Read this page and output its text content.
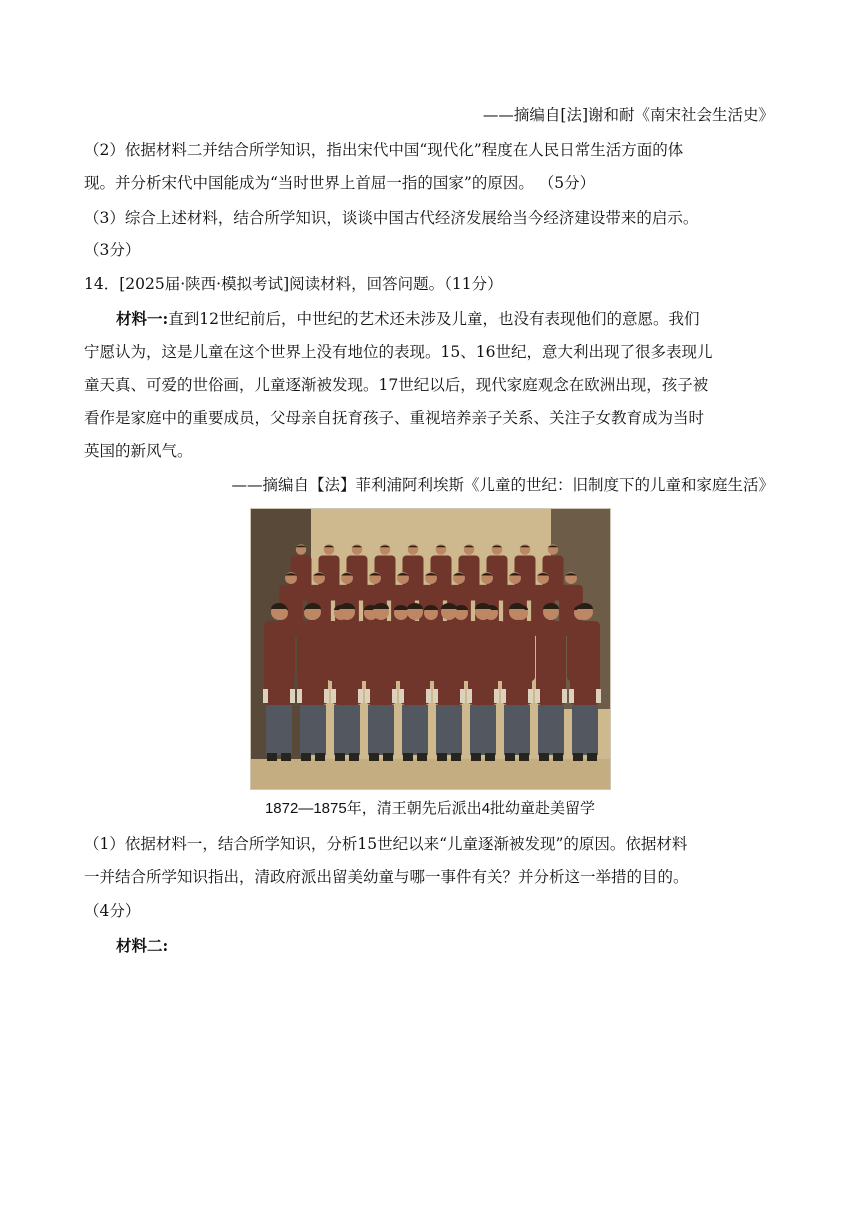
——摘编自[法]谢和耐《南宋社会生活史》
（2）依据材料二并结合所学知识，指出宋代中国“现代化”程度在人民日常生活方面的体
现。并分析宋代中国能成为“当时世界上首屈一指的国家”的原因。 （5分）
（3）综合上述材料，结合所学知识，谈谈中国古代经济发展给当今经济建设带来的启示。
（3分）
14．[2025届·陕西·模拟考试]阅读材料，回答问题。（11分）
材料一:直到12世纪前后，中世纪的艺术还未涉及儿童，也没有表现他们的意愿。我们
宁愿认为，这是儿童在这个世界上没有地位的表现。15、16世纪，意大利出现了很多表现儿
童天真、可爱的世俗画，儿童逐渐被发现。17世纪以后，现代家庭观念在欧洲出现，孩子被
看作是家庭中的重要成员，父母亲自抚育孩子、重视培养亲子关系、关注子女教育成为当时
英国的新风气。
——摘编自【法】菲利浦阿利埃斯《儿童的世纪：旧制度下的儿童和家庭生活》
1872—1875年，清王朝先后派出4批幼童赴美留学
（1）依据材料一，结合所学知识，分析15世纪以来“儿童逐渐被发现”的原因。依据材料
一并结合所学知识指出，清政府派出留美幼童与哪一事件有关？并分析这一举措的目的。
（4分）
材料二:
